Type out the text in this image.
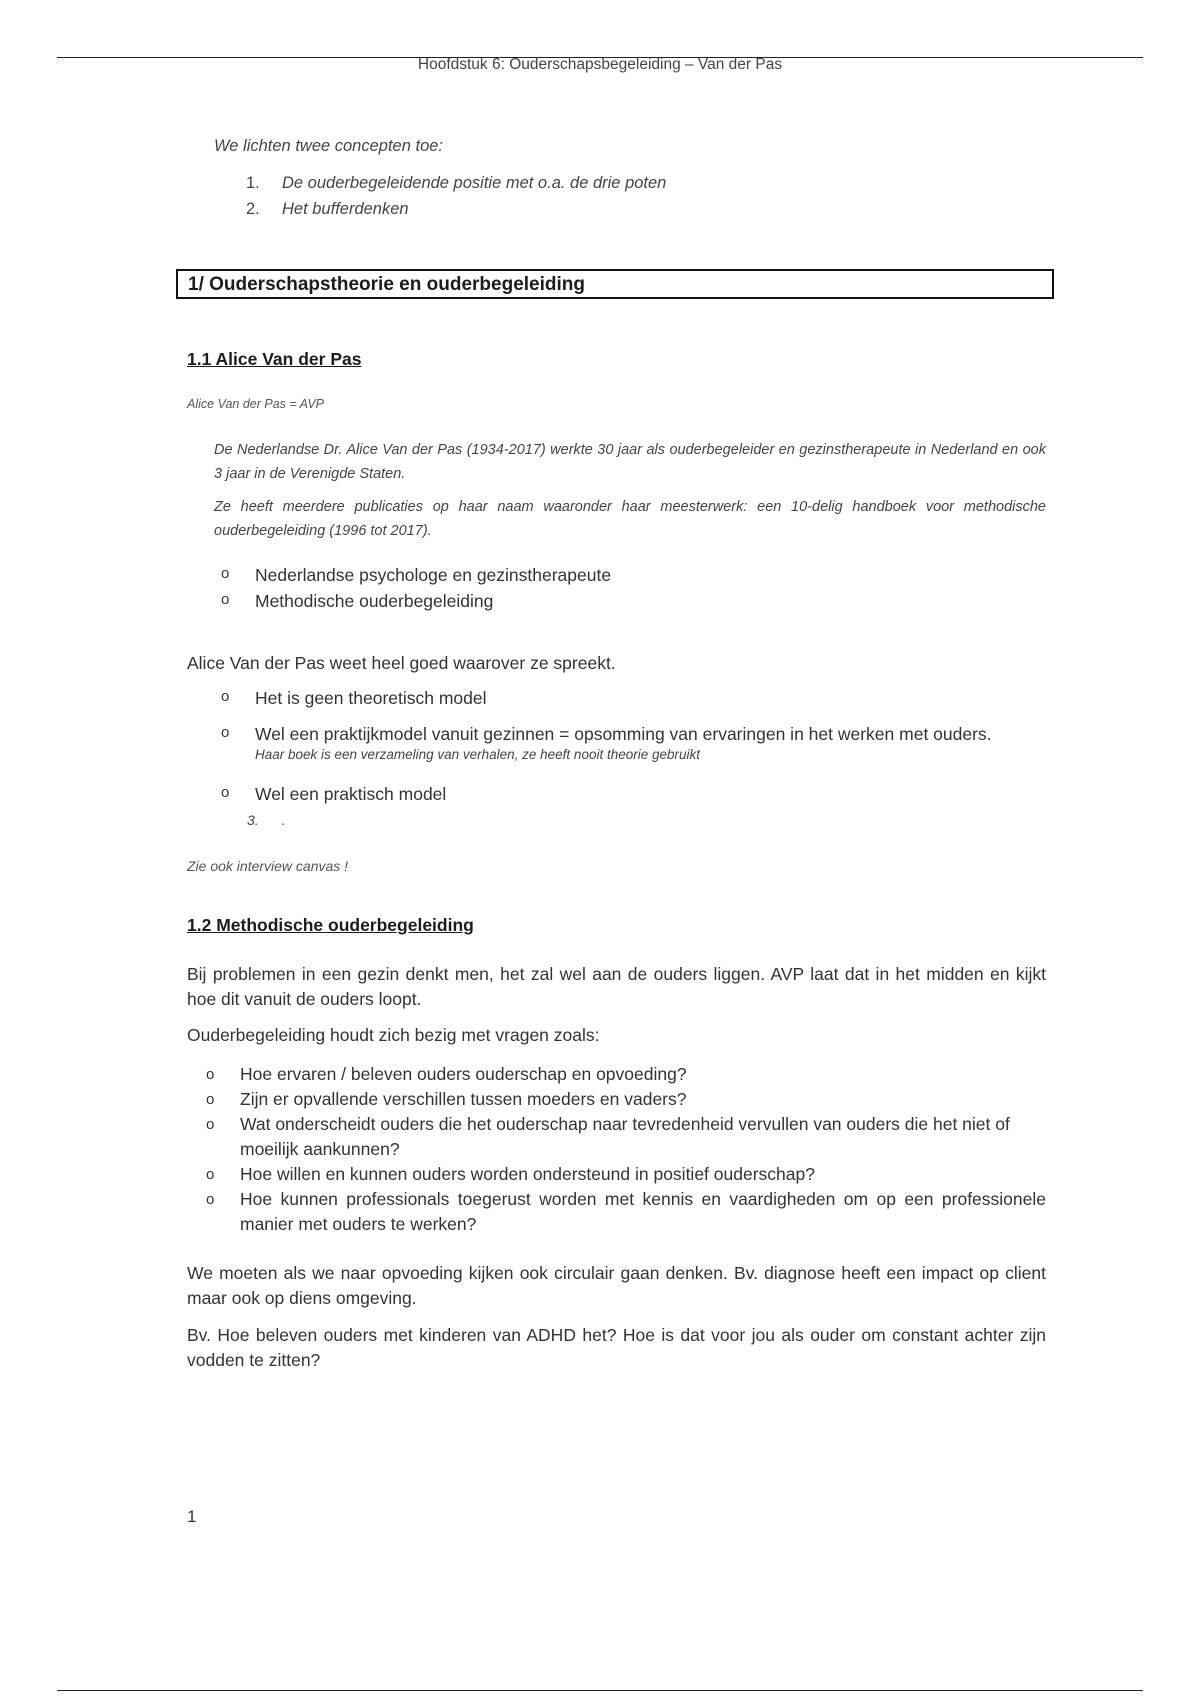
Hoofdstuk 6: Ouderschapsbegeleiding – Van der Pas
We lichten twee concepten toe:
1. De ouderbegeleidende positie met o.a. de drie poten
2. Het bufferdenken
1/ Ouderschapstheorie en ouderbegeleiding
1.1 Alice Van der Pas
Alice Van der Pas = AVP

De Nederlandse Dr. Alice Van der Pas (1934-2017) werkte 30 jaar als ouderbegeleider en gezinstherapeute in Nederland en ook 3 jaar in de Verenigde Staten.

Ze heeft meerdere publicaties op haar naam waaronder haar meesterwerk: een 10-delig handboek voor methodische ouderbegeleiding (1996 tot 2017).

o Nederlandse psychologe en gezinstherapeute
o Methodische ouderbegeleiding

Alice Van der Pas weet heel goed waarover ze spreekt.

o Het is geen theoretisch model
o Wel een praktijkmodel vanuit gezinnen = opsomming van ervaringen in het werken met ouders.
Haar boek is een verzameling van verhalen, ze heeft nooit theorie gebruikt
o Wel een praktisch model
3. .
Zie ook interview canvas !
1.2 Methodische ouderbegeleiding

Bij problemen in een gezin denkt men, het zal wel aan de ouders liggen. AVP laat dat in het midden en kijkt hoe dit vanuit de ouders loopt.

Ouderbegeleiding houdt zich bezig met vragen zoals:

o Hoe ervaren / beleven ouders ouderschap en opvoeding?
o Zijn er opvallende verschillen tussen moeders en vaders?
o Wat onderscheidt ouders die het ouderschap naar tevredenheid vervullen van ouders die het niet of moeilijk aankunnen?
o Hoe willen en kunnen ouders worden ondersteund in positief ouderschap?
o Hoe kunnen professionals toegerust worden met kennis en vaardigheden om op een professionele manier met ouders te werken?

We moeten als we naar opvoeding kijken ook circulair gaan denken. Bv. diagnose heeft een impact op client maar ook op diens omgeving.

Bv. Hoe beleven ouders met kinderen van ADHD het? Hoe is dat voor jou als ouder om constant achter zijn vodden te zitten?

1
